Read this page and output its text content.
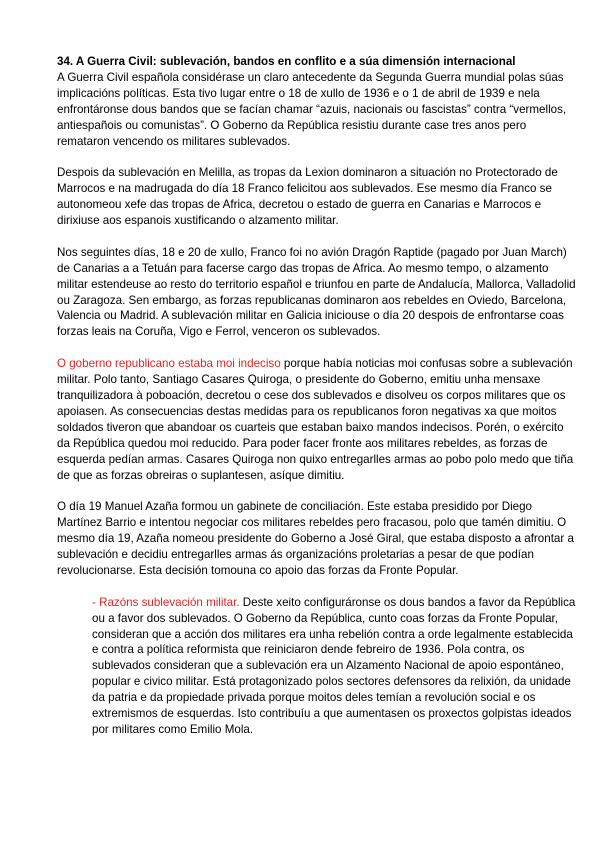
34. A Guerra Civil: sublevación, bandos en conflito e a súa dimensión internacional

A Guerra Civil española considérase un claro antecedente da Segunda Guerra mundial polas súas implicacións políticas. Esta tivo lugar entre o 18 de xullo de 1936 e o 1 de abril de 1939 e nela enfrontáronse dous bandos que se facían chamar “azuis, nacionais ou fascistas” contra “vermellos, antiespañois ou comunistas”. O Goberno da República resistiu durante case tres anos pero remataron vencendo os militares sublevados.

Despois da sublevación en Melilla, as tropas da Lexion dominaron a situación no Protectorado de Marrocos e na madrugada do día 18 Franco felicitou aos sublevados. Ese mesmo día Franco se autonomeou xefe das tropas de Africa, decretou o estado de guerra en Canarias e Marrocos e dirixiuse aos espanois xustificando o alzamento militar.

Nos seguintes días, 18 e 20 de xullo, Franco foi no avión Dragón Raptide (pagado por Juan March) de Canarias a a Tetuán para facerse cargo das tropas de Africa. Ao mesmo tempo, o alzamento militar estendeuse ao resto do territorio español e triunfou en parte de Andalucía, Mallorca, Valladolid ou Zaragoza. Sen embargo, as forzas republicanas dominaron aos rebeldes en Oviedo, Barcelona, Valencia ou Madrid. A sublevación militar en Galicia iniciouse o día 20 despois de enfrontarse coas forzas leais na Coruña, Vigo e Ferrol, venceron os sublevados.

O goberno republicano estaba moi indeciso porque había noticias moi confusas sobre a sublevación militar. Polo tanto, Santiago Casares Quiroga, o presidente do Goberno, emitiu unha mensaxe tranquilizadora à poboación, decretou o cese dos sublevados e disolveu os corpos militares que os apoiasen. As consecuencias destas medidas para os republicanos foron negativas xa que moitos soldados tiveron que abandoar os cuarteis que estaban baixo mandos indecisos. Porén, o exército da República quedou moi reducido. Para poder facer fronte aos militares rebeldes, as forzas de esquerda pedían armas. Casares Quiroga non quixo entregarlles armas ao pobo polo medo que tiña de que as forzas obreiras o suplantesen, asíque dimitiu.

O día 19 Manuel Azaña formou un gabinete de conciliación. Este estaba presidido por Diego Martínez Barrio e intentou negociar cos militares rebeldes pero fracasou, polo que tamén dimitiu. O mesmo día 19, Azaña nomeou presidente do Goberno a José Giral, que estaba disposto a afrontar a sublevación e decidiu entregarlles armas ás organizacións proletarias a pesar de que podían revolucionarse. Esta decisión tomouna co apoio das forzas da Fronte Popular.

- Razóns sublevación militar. Deste xeito configuráronse os dous bandos a favor da República ou a favor dos sublevados. O Goberno da República, cunto coas forzas da Fronte Popular, consideran que a acción dos militares era unha rebelión contra a orde legalmente establecida e contra a política reformista que reiniciaron dende febreiro de 1936. Pola contra, os sublevados consideran que a sublevación era un Alzamento Nacional de apoio espontáneo, popular e civico militar. Está protagonizado polos sectores defensores da relixión, da unidade da patria e da propiedade privada porque moitos deles temían a revolución social e os extremismos de esquerdas. Isto contribuíu a que aumentasen os proxectos golpistas ideados por militares como Emilio Mola.
